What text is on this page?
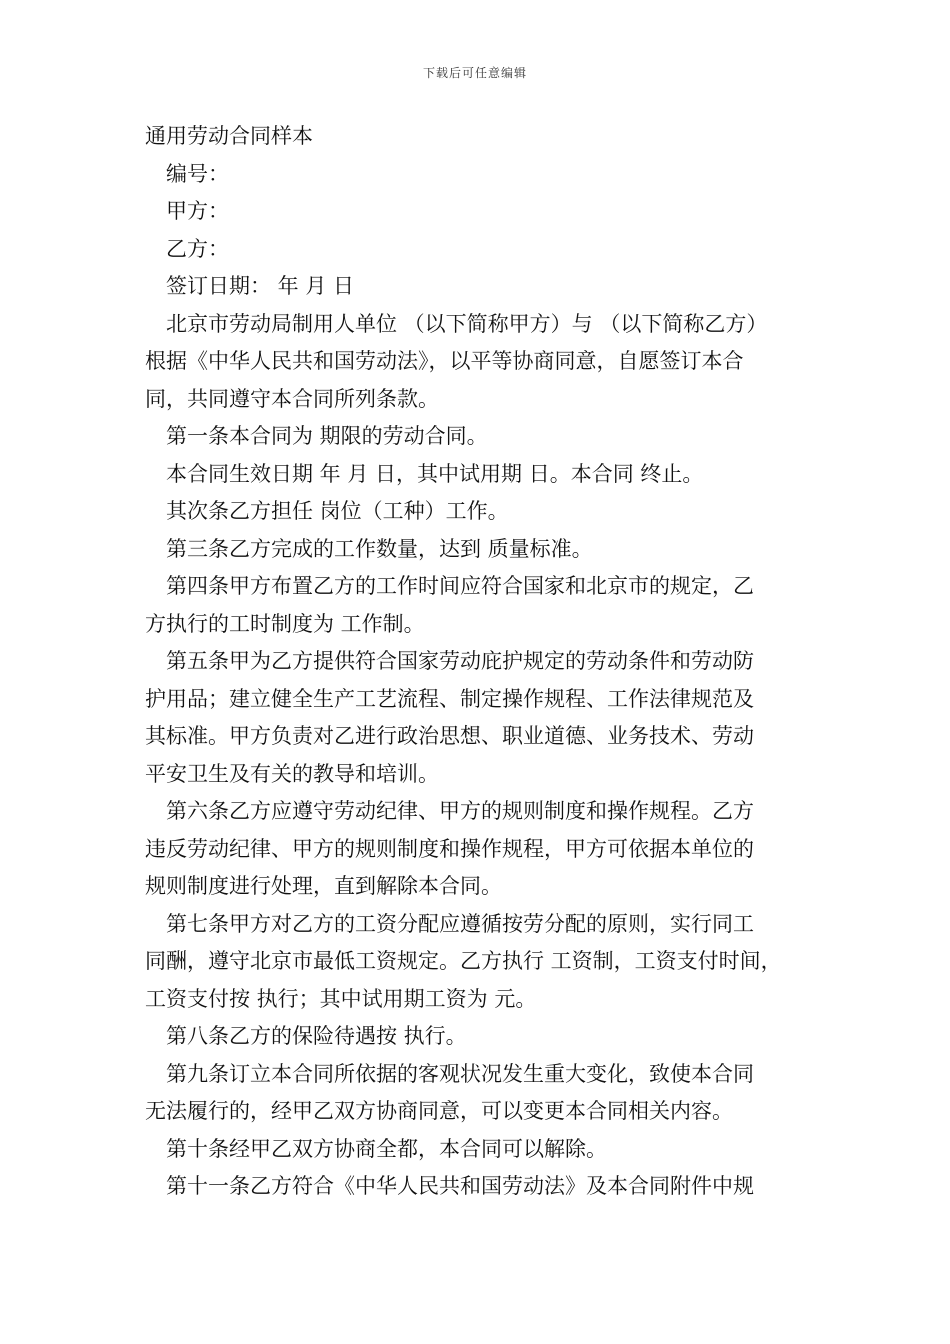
下载后可任意编辑
通用劳动合同样本
编号：
甲方：
乙方：
签订日期： 年 月 日
北京市劳动局制用人单位 （以下简称甲方）与 （以下简称乙方）
根据《中华人民共和国劳动法》，以平等协商同意，自愿签订本合
同，共同遵守本合同所列条款。
第一条本合同为 期限的劳动合同。
本合同生效日期 年 月 日，其中试用期 日。本合同 终止。
其次条乙方担任 岗位（工种）工作。
第三条乙方完成的工作数量，达到 质量标准。
第四条甲方布置乙方的工作时间应符合国家和北京市的规定，乙
方执行的工时制度为 工作制。
第五条甲为乙方提供符合国家劳动庇护规定的劳动条件和劳动防
护用品；建立健全生产工艺流程、制定操作规程、工作法律规范及
其标准。甲方负责对乙进行政治思想、职业道德、业务技术、劳动
平安卫生及有关的教导和培训。
第六条乙方应遵守劳动纪律、甲方的规则制度和操作规程。乙方
违反劳动纪律、甲方的规则制度和操作规程，甲方可依据本单位的
规则制度进行处理，直到解除本合同。
第七条甲方对乙方的工资分配应遵循按劳分配的原则，实行同工
同酬，遵守北京市最低工资规定。乙方执行 工资制，工资支付时间，
工资支付按 执行；其中试用期工资为 元。
第八条乙方的保险待遇按 执行。
第九条订立本合同所依据的客观状况发生重大变化，致使本合同
无法履行的，经甲乙双方协商同意，可以变更本合同相关内容。
第十条经甲乙双方协商全都，本合同可以解除。
第十一条乙方符合《中华人民共和国劳动法》及本合同附件中规
